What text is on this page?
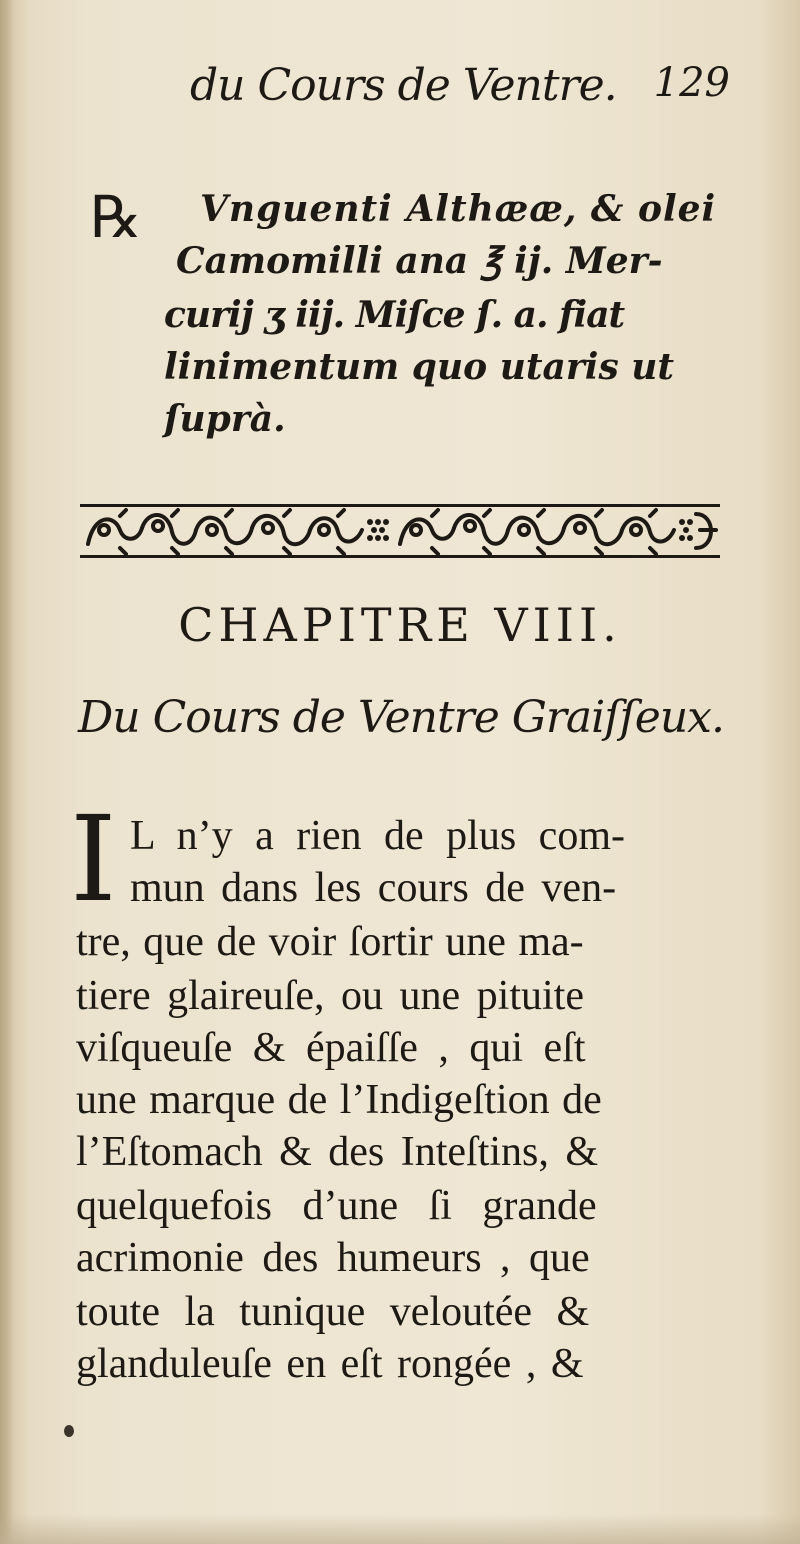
du Cours de Ventre. 129
℞ Vnguenti Althææ, & olei
Camomilli ana ℥ ij. Mer-
curij ʒ iij. Miſce ſ. a. fiat
linimentum quo utaris ut
ſuprà.
CHAPITRE VIII.
Du Cours de Ventre Graiſſeux.
I L n’y a rien de plus com-
mun dans les cours de ven-
tre, que de voir ſortir une ma-
tiere glaireuſe, ou une pituite
viſqueuſe & épaiſſe , qui eſt
une marque de l’Indigeſtion de
l’Eſtomach & des Inteſtins, &
quelquefois d’une ſi grande
acrimonie des humeurs , que
toute la tunique veloutée &
glanduleuſe en eſt rongée , &
